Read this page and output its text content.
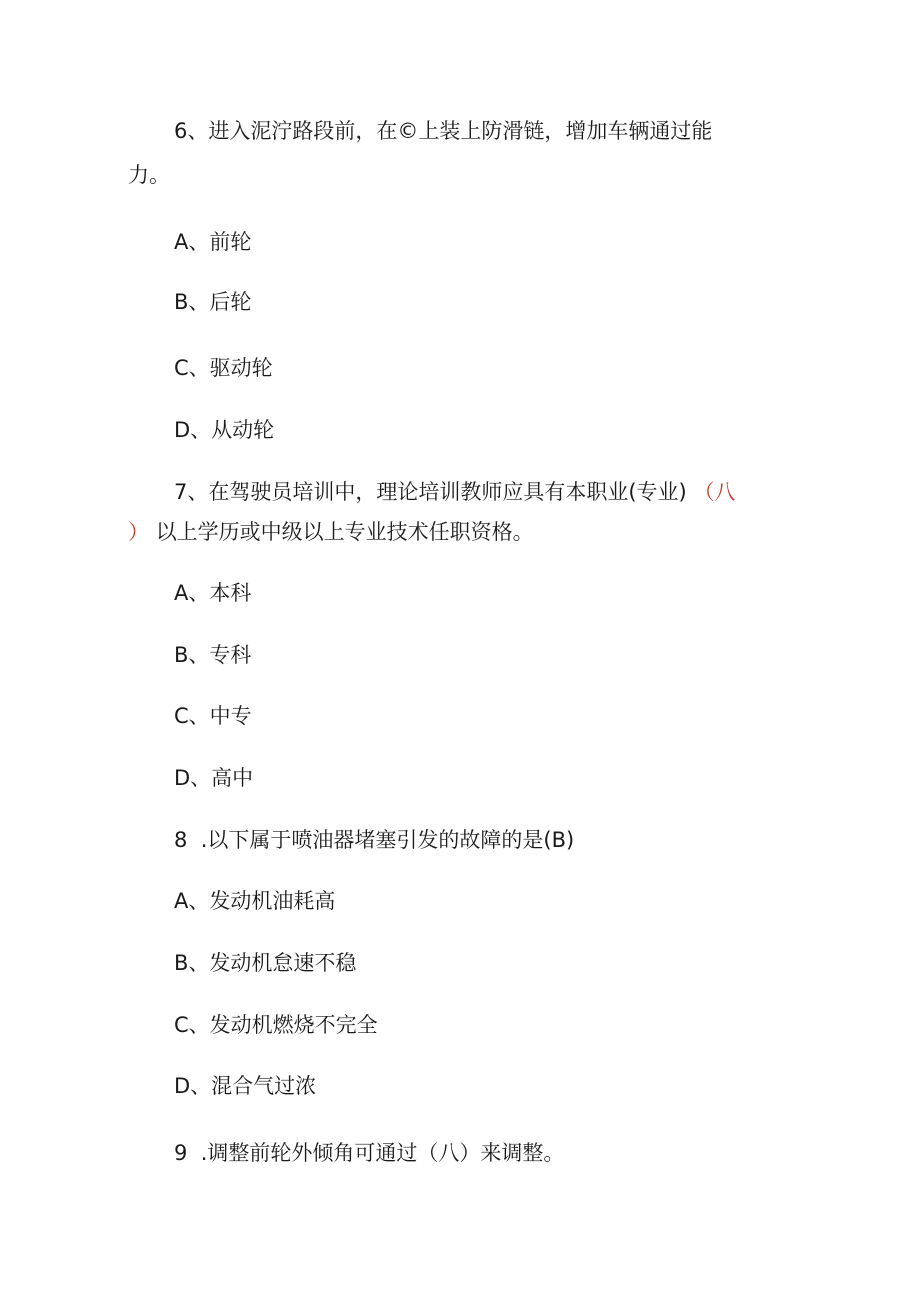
6、进入泥泞路段前，在©上装上防滑链，增加车辆通过能
力。
A、前轮
B、后轮
C、驱动轮
D、从动轮
7、在驾驶员培训中，理论培训教师应具有本职业(专业) （八
） 以上学历或中级以上专业技术任职资格。
A、本科
B、专科
C、中专
D、高中
8  .以下属于喷油器堵塞引发的故障的是(B)
A、发动机油耗高
B、发动机怠速不稳
C、发动机燃烧不完全
D、混合气过浓
9  .调整前轮外倾角可通过（八）来调整。
